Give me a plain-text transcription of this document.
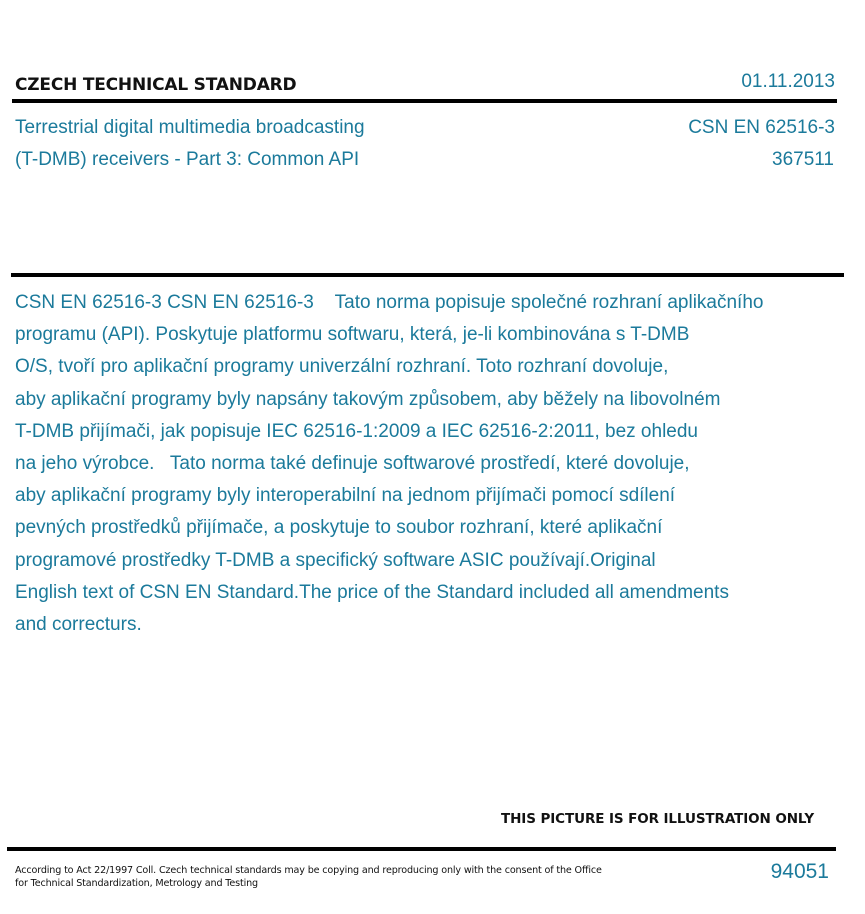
CZECH TECHNICAL STANDARD	01.11.2013
Terrestrial digital multimedia broadcasting
(T-DMB) receivers - Part 3: Common API
CSN EN 62516-3
367511
CSN EN 62516-3 CSN EN 62516-3    Tato norma popisuje společné rozhraní aplikačního
programu (API). Poskytuje platformu softwaru, která, je-li kombinována s T-DMB
O/S, tvoří pro aplikační programy univerzální rozhraní. Toto rozhraní dovoluje,
aby aplikační programy byly napsány takovým způsobem, aby běžely na libovolném
T-DMB přijímači, jak popisuje IEC 62516-1:2009 a IEC 62516-2:2011, bez ohledu
na jeho výrobce.   Tato norma také definuje softwarové prostředí, které dovoluje,
aby aplikační programy byly interoperabilní na jednom přijímači pomocí sdílení
pevných prostředků přijímače, a poskytuje to soubor rozhraní, které aplikační
programové prostředky T-DMB a specifický software ASIC používají.Original
English text of CSN EN Standard.The price of the Standard included all amendments
and correcturs.
THIS PICTURE IS FOR ILLUSTRATION ONLY
According to Act 22/1997 Coll. Czech technical standards may be copying and reproducing only with the consent of the Office
for Technical Standardization, Metrology and Testing
94051
